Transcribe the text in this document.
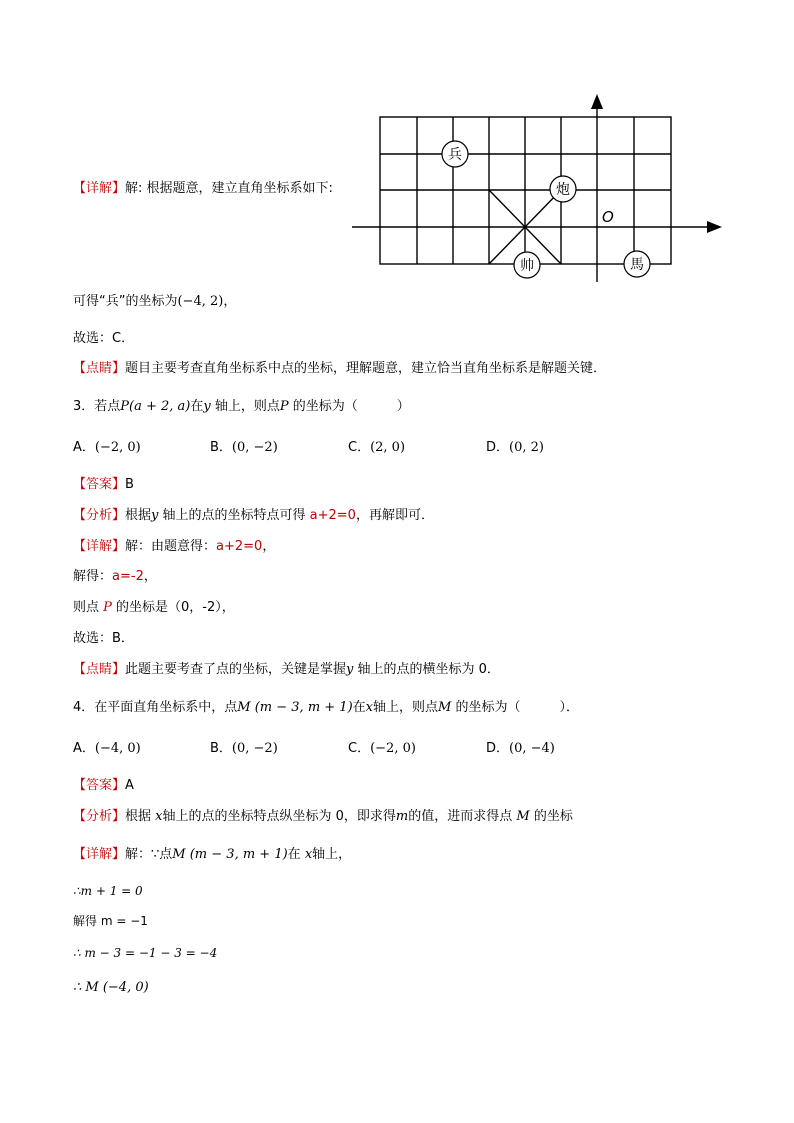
【详解】解: 根据题意，建立直角坐标系如下:
O
兵
炮
帅	馬
可得“兵”的坐标为(−4, 2)，
故选：C．
【点睛】题目主要考查直角坐标系中点的坐标，理解题意，建立恰当直角坐标系是解题关键．
3．若点P(a + 2, a)在y 轴上，则点P 的坐标为（　　　）
A．(−2, 0)	B．(0, −2)	C．(2, 0)	D．(0, 2)
【答案】B
【分析】根据y 轴上的点的坐标特点可得 a+2=0，再解即可．
【详解】解：由题意得：a+2=0，
解得：a=-2，
则点 P 的坐标是（0，-2），
故选：B．
【点睛】此题主要考查了点的坐标，关键是掌握y 轴上的点的横坐标为 0．
4．在平面直角坐标系中，点M (m − 3, m + 1)在x轴上，则点M 的坐标为（　　　）．
A．(−4, 0)	B．(0, −2)	C．(−2, 0)	D．(0, −4)
【答案】A
【分析】根据 x轴上的点的坐标特点纵坐标为 0，即求得m的值，进而求得点 M 的坐标
【详解】解：∵点M (m − 3, m + 1)在 x轴上，
∴m + 1 = 0
解得 m = −1
∴ m − 3 = −1 − 3 = −4
∴ M (−4, 0)
